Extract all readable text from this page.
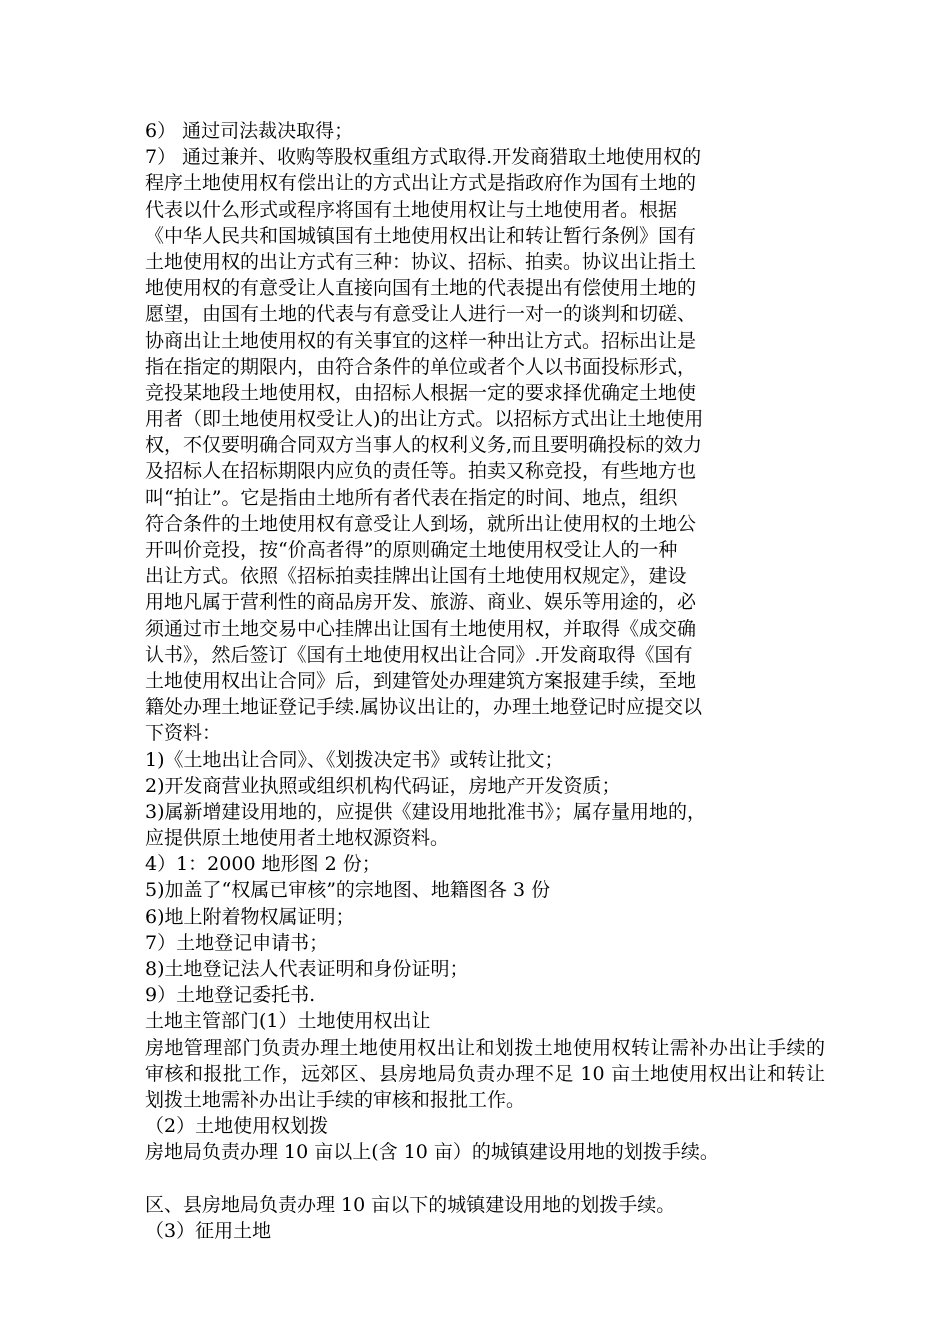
6） 通过司法裁决取得；
7） 通过兼并、收购等股权重组方式取得.开发商猎取土地使用权的
程序土地使用权有偿出让的方式出让方式是指政府作为国有土地的
代表以什么形式或程序将国有土地使用权让与土地使用者。根据
《中华人民共和国城镇国有土地使用权出让和转让暂行条例》国有
土地使用权的出让方式有三种：协议、招标、拍卖。协议出让指土
地使用权的有意受让人直接向国有土地的代表提出有偿使用土地的
愿望，由国有土地的代表与有意受让人进行一对一的谈判和切磋、
协商出让土地使用权的有关事宜的这样一种出让方式。招标出让是
指在指定的期限内，由符合条件的单位或者个人以书面投标形式，
竞投某地段土地使用权，由招标人根据一定的要求择优确定土地使
用者（即土地使用权受让人)的出让方式。以招标方式出让土地使用
权，不仅要明确合同双方当事人的权利义务,而且要明确投标的效力
及招标人在招标期限内应负的责任等。拍卖又称竞投，有些地方也
叫“拍让”。它是指由土地所有者代表在指定的时间、地点，组织
符合条件的土地使用权有意受让人到场，就所出让使用权的土地公
开叫价竞投，按“价高者得”的原则确定土地使用权受让人的一种
出让方式。依照《招标拍卖挂牌出让国有土地使用权规定》，建设
用地凡属于营利性的商品房开发、旅游、商业、娱乐等用途的，必
须通过市土地交易中心挂牌出让国有土地使用权，并取得《成交确
认书》，然后签订《国有土地使用权出让合同》.开发商取得《国有
土地使用权出让合同》后，到建管处办理建筑方案报建手续，至地
籍处办理土地证登记手续.属协议出让的，办理土地登记时应提交以
下资料：
1)《土地出让合同》、《划拨决定书》或转让批文；
2)开发商营业执照或组织机构代码证，房地产开发资质；
3)属新增建设用地的，应提供《建设用地批准书》；属存量用地的，
应提供原土地使用者土地权源资料。
4）1：2000 地形图 2 份；
5)加盖了“权属已审核”的宗地图、地籍图各 3 份
6)地上附着物权属证明；
7）土地登记申请书；
8)土地登记法人代表证明和身份证明；
9）土地登记委托书.
土地主管部门(1）土地使用权出让
房地管理部门负责办理土地使用权出让和划拨土地使用权转让需补办出让手续的审核和报批工作，远郊区、县房地局负责办理不足 10 亩土地使用权出让和转让划拨土地需补办出让手续的审核和报批工作。
（2）土地使用权划拨
房地局负责办理 10 亩以上(含 10 亩）的城镇建设用地的划拨手续。
区、县房地局负责办理 10 亩以下的城镇建设用地的划拨手续。
（3）征用土地
